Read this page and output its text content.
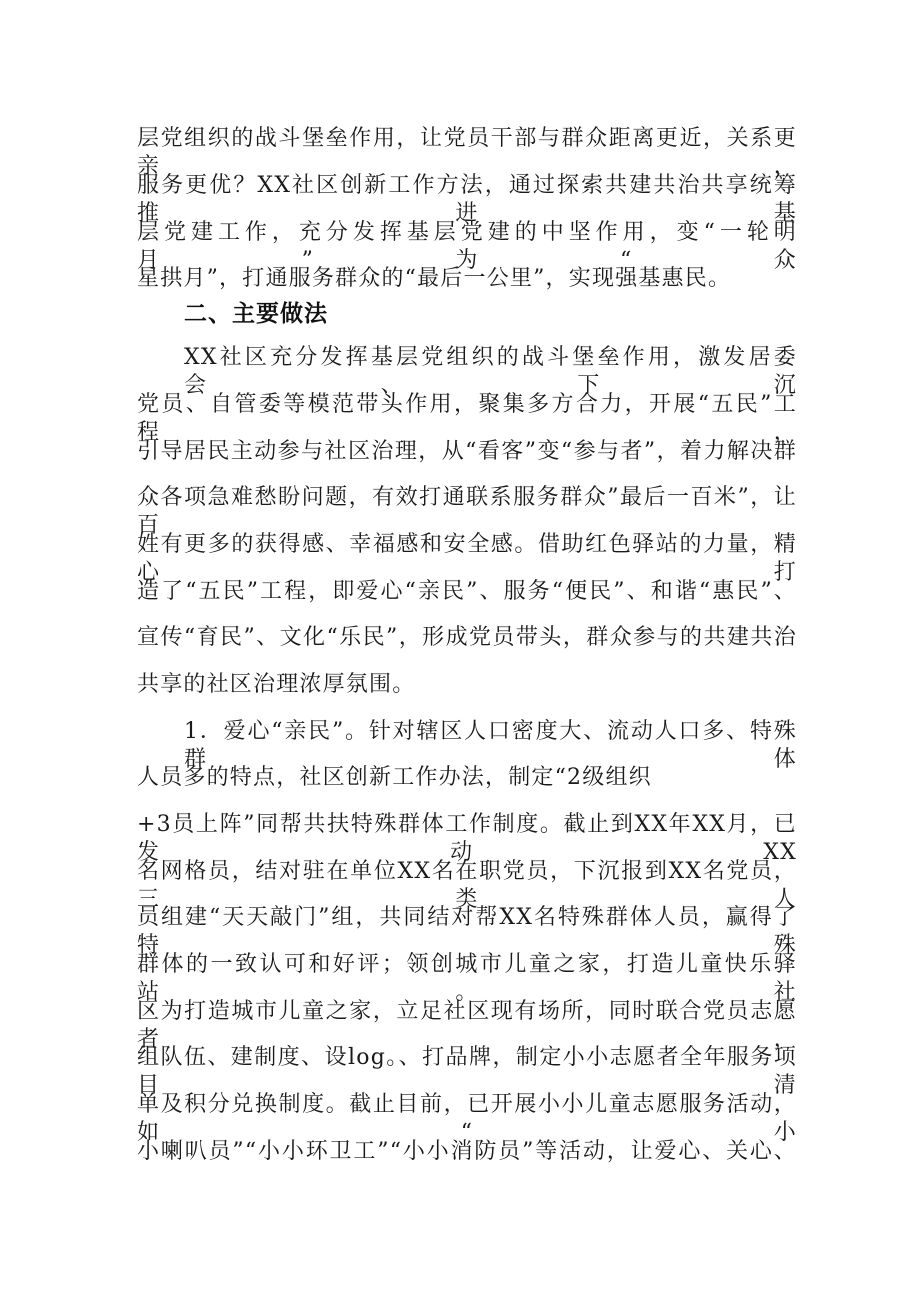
层党组织的战斗堡垒作用，让党员干部与群众距离更近，关系更亲，
服务更优？XX社区创新工作方法，通过探索共建共治共享统筹推进基
层党建工作，充分发挥基层党建的中坚作用，变“一轮明月”为“众
星拱月”，打通服务群众的“最后一公里”，实现强基惠民。
二、主要做法
XX社区充分发挥基层党组织的战斗堡垒作用，激发居委会、下沉
党员、自管委等模范带头作用，聚集多方合力，开展“五民”工程，
引导居民主动参与社区治理，从“看客”变“参与者”，着力解决群
众各项急难愁盼问题，有效打通联系服务群众”最后一百米”，让百
姓有更多的获得感、幸福感和安全感。借助红色驿站的力量，精心打
造了“五民”工程，即爱心“亲民”、服务“便民”、和谐“惠民”、
宣传“育民”、文化“乐民”，形成党员带头，群众参与的共建共治
共享的社区治理浓厚氛围。
1．爱心“亲民”。针对辖区人口密度大、流动人口多、特殊群体
人员多的特点，社区创新工作办法，制定“2级组织
+3员上阵”同帮共扶特殊群体工作制度。截止到XX年XX月，已发动XX
名网格员，结对驻在单位XX名在职党员，下沉报到XX名党员，三类人
员组建“天天敲门”组，共同结对帮XX名特殊群体人员，赢得了特殊
群体的一致认可和好评；领创城市儿童之家，打造儿童快乐驿站。社
区为打造城市儿童之家，立足社区现有场所，同时联合党员志愿者，
组队伍、建制度、设log。、打品牌，制定小小志愿者全年服务项目清
单及积分兑换制度。截止目前，已开展小小儿童志愿服务活动，如“小
小喇叭员”“小小环卫工”“小小消防员”等活动，让爱心、关心、
